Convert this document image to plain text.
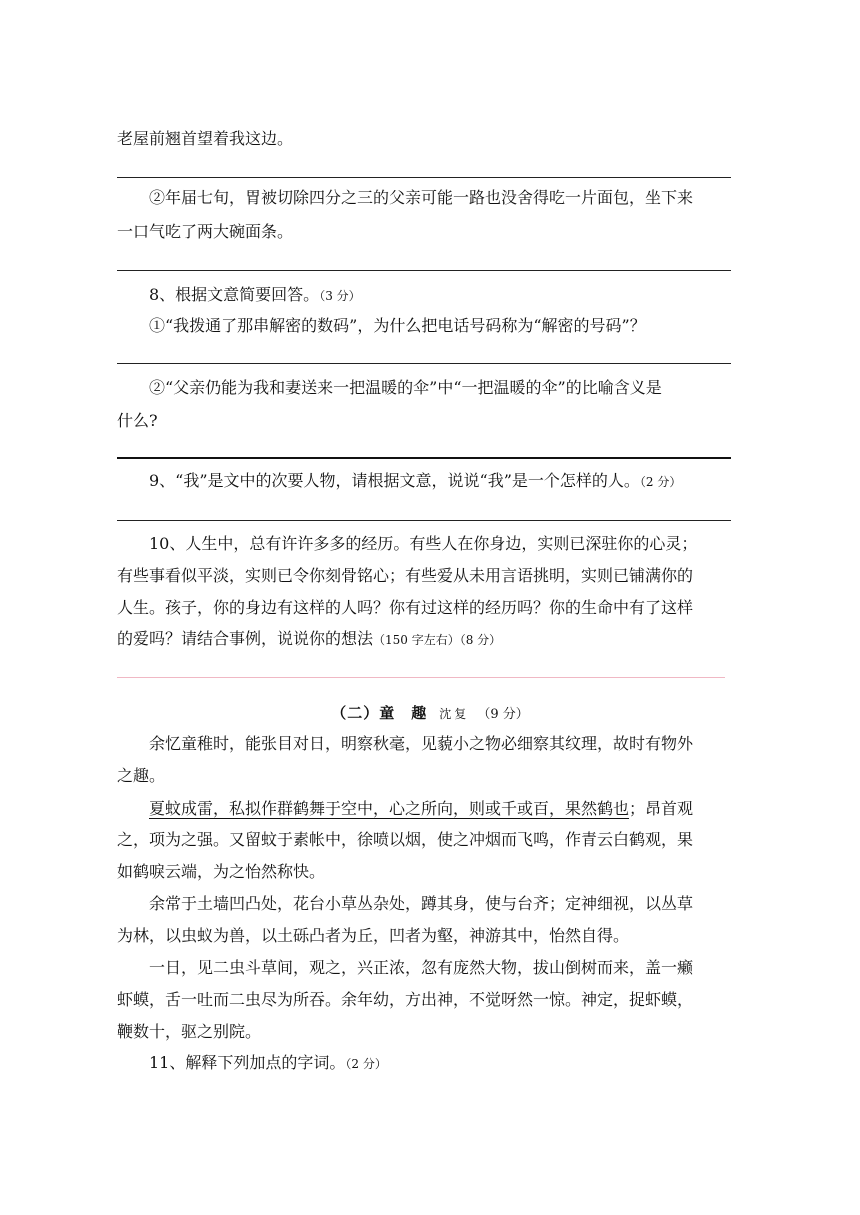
老屋前翘首望着我这边。
②年届七旬，胃被切除四分之三的父亲可能一路也没舍得吃一片面包，坐下来
一口气吃了两大碗面条。
8、根据文意简要回答。（3 分）
①“我拨通了那串解密的数码”，为什么把电话号码称为“解密的号码”？
②“父亲仍能为我和妻送来一把温暖的伞”中“一把温暖的伞”的比喻含义是
什么?
9、“我”是文中的次要人物，请根据文意，说说“我”是一个怎样的人。（2 分）
10、人生中，总有许许多多的经历。有些人在你身边，实则已深驻你的心灵；
有些事看似平淡，实则已令你刻骨铭心；有些爱从未用言语挑明，实则已铺满你的
人生。孩子，你的身边有这样的人吗？你有过这样的经历吗？你的生命中有了这样
的爱吗？请结合事例，说说你的想法（150 字左右）（8 分）
（二）童　趣 沈复 （9 分）
余忆童稚时，能张目对日，明察秋毫，见藐小之物必细察其纹理，故时有物外
之趣。
夏蚊成雷，私拟作群鹤舞于空中，心之所向，则或千或百，果然鹤也；昂首观
之，项为之强。又留蚊于素帐中，徐喷以烟，使之冲烟而飞鸣，作青云白鹤观，果
如鹤唳云端，为之怡然称快。
余常于土墙凹凸处，花台小草丛杂处，蹲其身，使与台齐；定神细视，以丛草
为林，以虫蚁为兽，以土砾凸者为丘，凹者为壑，神游其中，怡然自得。
一日，见二虫斗草间，观之，兴正浓，忽有庞然大物，拔山倒树而来，盖一癞
虾蟆，舌一吐而二虫尽为所吞。余年幼，方出神，不觉呀然一惊。神定，捉虾蟆，
鞭数十，驱之别院。
11、解释下列加点的字词。（2 分）
